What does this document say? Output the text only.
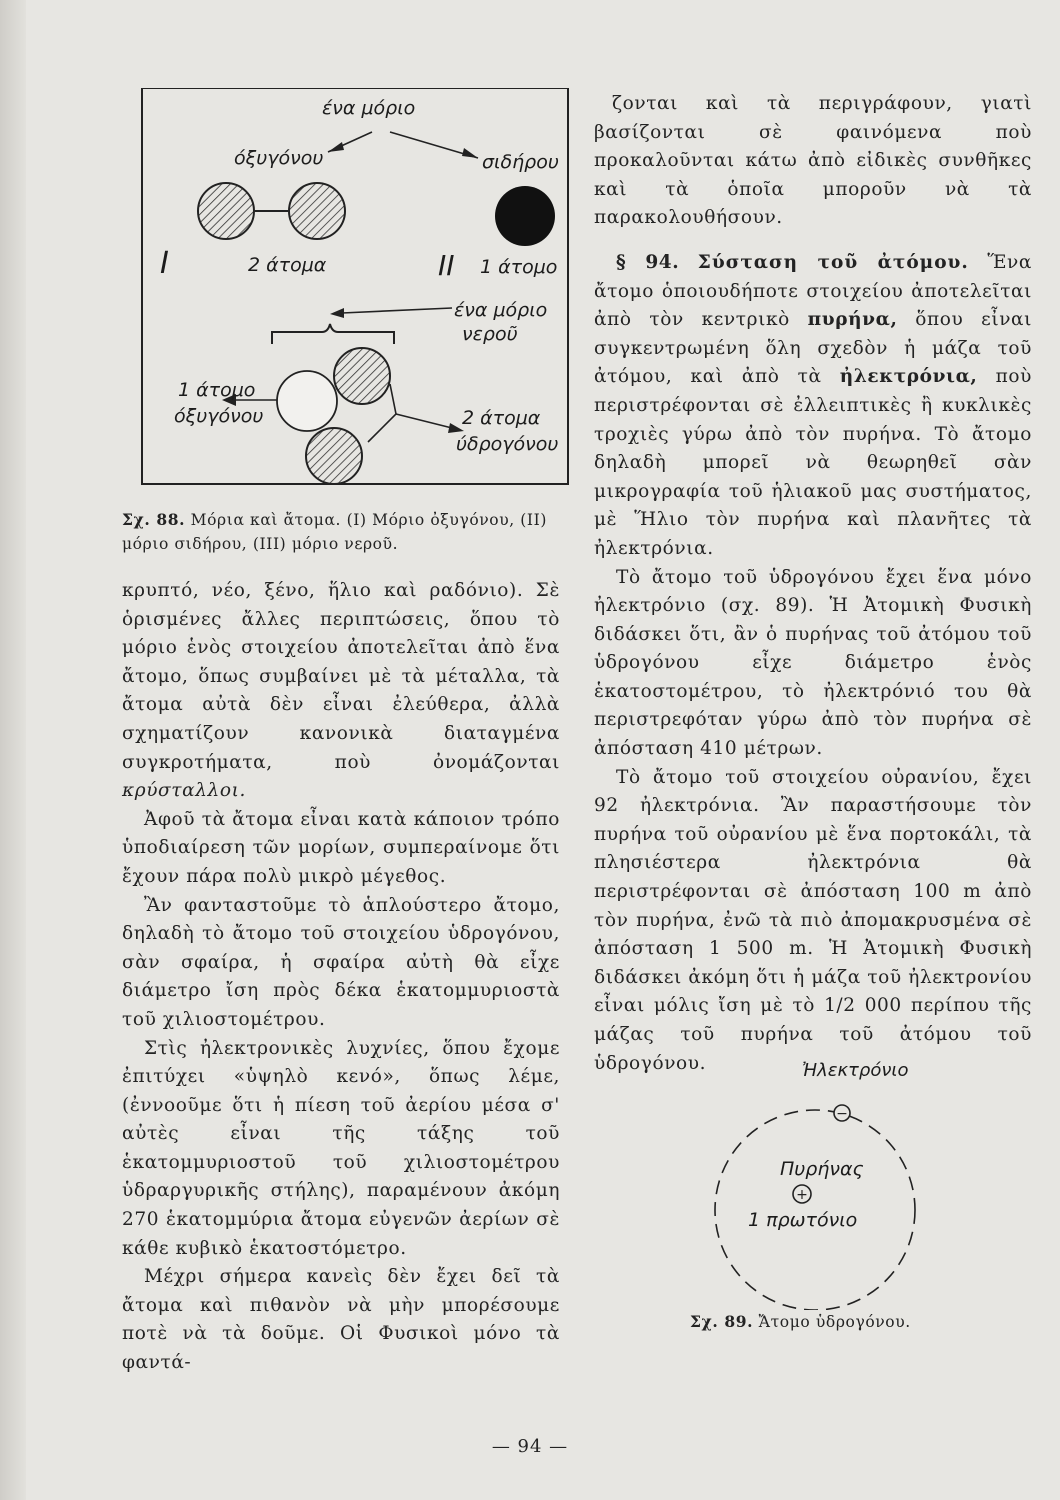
ένα μόριο
όξυγόνου	σιδήρου
I	2 άτομα	II 1 άτομο
ένα μόριο
νεροῦ
1 άτομο
όξυγόνου	2 άτομα
ύδρογόνου
Σχ. 88. Μόρια καὶ ἄτομα. (I) Μόριο ὀξυγόνου, (II) μόριο σιδήρου, (III) μόριο νεροῦ.

κρυπτό, νέο, ξένο, ἥλιο καὶ ραδόνιο). Σὲ ὁρισμένες ἄλλες περιπτώσεις, ὅπου τὸ μόριο ἑνὸς στοιχείου ἀποτελεῖται ἀπὸ ἕνα ἄτομο, ὅπως συμβαίνει μὲ τὰ μέταλλα, τὰ ἄτομα αὐτὰ δὲν εἶναι ἐλεύθερα, ἀλλὰ σχηματίζουν κανονικὰ διαταγμένα συγκροτήματα, ποὺ ὀνομάζονται κρύσταλλοι.

Ἀφοῦ τὰ ἄτομα εἶναι κατὰ κάποιον τρόπο ὑποδιαίρεση τῶν μορίων, συμπεραίνομε ὅτι ἔχουν πάρα πολὺ μικρὸ μέγεθος.

Ἂν φανταστοῦμε τὸ ἁπλούστερο ἄτομο, δηλαδὴ τὸ ἄτομο τοῦ στοιχείου ὑδρογόνου, σὰν σφαίρα, ἡ σφαίρα αὐτὴ θὰ εἶχε διάμετρο ἴση πρὸς δέκα ἑκατομμυριοστὰ τοῦ χιλιοστομέτρου.

Στὶς ἠλεκτρονικὲς λυχνίες, ὅπου ἔχομε ἐπιτύχει «ὑψηλὸ κενό», ὅπως λέμε, (ἐννοοῦμε ὅτι ἡ πίεση τοῦ ἀερίου μέσα σ' αὐτὲς εἶναι τῆς τάξης τοῦ ἑκατομμυριοστοῦ τοῦ χιλιοστομέτρου ὑδραργυρικῆς στήλης), παραμένουν ἀκόμη 270 ἑκατομμύρια ἄτομα εὐγενῶν ἀερίων σὲ κάθε κυβικὸ ἑκατοστόμετρο.

Μέχρι σήμερα κανεὶς δὲν ἔχει δεῖ τὰ ἄτομα καὶ πιθανὸν νὰ μὴν μπορέσουμε ποτὲ νὰ τὰ δοῦμε. Οἱ Φυσικοὶ μόνο τὰ φαντά-

ζονται καὶ τὰ περιγράφουν, γιατὶ βασίζονται σὲ φαινόμενα ποὺ προκαλοῦνται κάτω ἀπὸ εἰδικὲς συνθῆκες καὶ τὰ ὁποῖα μποροῦν νὰ τὰ παρακολουθήσουν.

§ 94. Σύσταση τοῦ ἀτόμου. Ἕνα ἄτομο ὁποιουδήποτε στοιχείου ἀποτελεῖται ἀπὸ τὸν κεντρικὸ πυρήνα, ὅπου εἶναι συγκεντρωμένη ὅλη σχεδὸν ἡ μάζα τοῦ ἀτόμου, καὶ ἀπὸ τὰ ἠλεκτρόνια, ποὺ περιστρέφονται σὲ ἐλλειπτικὲς ἢ κυκλικὲς τροχιὲς γύρω ἀπὸ τὸν πυρήνα. Τὸ ἄτομο δηλαδὴ μπορεῖ νὰ θεωρηθεῖ σὰν μικρογραφία τοῦ ἡλιακοῦ μας συστήματος, μὲ Ἥλιο τὸν πυρήνα καὶ πλανῆτες τὰ ἠλεκτρόνια.

Τὸ ἄτομο τοῦ ὑδρογόνου ἔχει ἕνα μόνο ἠλεκτρόνιο (σχ. 89). Ἡ Ἀτομικὴ Φυσικὴ διδάσκει ὅτι, ἂν ὁ πυρήνας τοῦ ἀτόμου τοῦ ὑδρογόνου εἶχε διάμετρο ἑνὸς ἑκατοστομέτρου, τὸ ἠλεκτρόνιό του θὰ περιστρεφόταν γύρω ἀπὸ τὸν πυρήνα σὲ ἀπόσταση 410 μέτρων.

Τὸ ἄτομο τοῦ στοιχείου οὐρανίου, ἔχει 92 ἠλεκτρόνια. Ἂν παραστήσουμε τὸν πυρήνα τοῦ οὐρανίου μὲ ἕνα πορτοκάλι, τὰ πλησιέστερα ἠλεκτρόνια θὰ περιστρέφονται σὲ ἀπόσταση 100 m ἀπὸ τὸν πυρήνα, ἐνῶ τὰ πιὸ ἀπομακρυσμένα σὲ ἀπόσταση 1 500 m. Ἡ Ἀτομικὴ Φυσικὴ διδάσκει ἀκόμη ὅτι ἡ μάζα τοῦ ἠλεκτρονίου εἶναι μόλις ἴση μὲ τὸ 1/2 000 περίπου τῆς μάζας τοῦ πυρήνα τοῦ ἀτόμου τοῦ ὑδρογόνου.	Ἠλεκτρόνιο
−
Πυρήνας
+
1 πρωτόνιο
Σχ. 89. Ἄτομο ὑδρογόνου.
— 94 —
